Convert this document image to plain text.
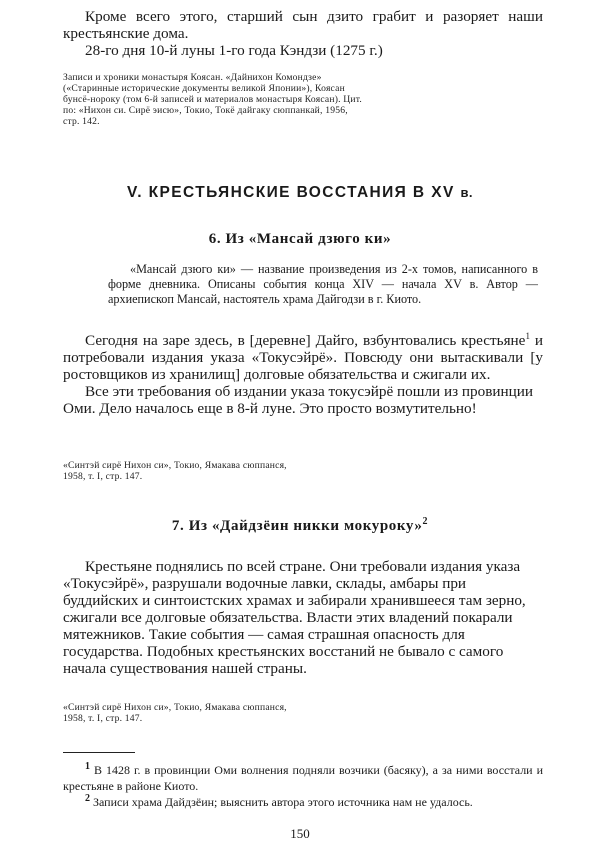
Кроме всего этого, старший сын дзито грабит и разоряет наши крестьянские дома.

28-го дня 10-й луны 1-го года Кэндзи (1275 г.)

Записи и хроники монастыря Коясан. «Дайнихон Комондзе» («Старинные исторические документы великой Японии»), Коясан бунсё-нороку (том 6-й записей и материалов монастыря Коясан). Цит. по: «Нихон си. Сирё эисю», Токио, Токё дайгаку сюппанкай, 1956, стр. 142.

V. КРЕСТЬЯНСКИЕ ВОССТАНИЯ В XV в.

6. Из «Мансай дзюго ки»

«Мансай дзюго ки» — название произведения из 2-х томов, написанного в форме дневника. Описаны события конца XIV — начала XV в. Автор — архиепископ Мансай, настоятель храма Дайгодзи в г. Киото.

Сегодня на заре здесь, в [деревне] Дайго, взбунтовались крестьяне$^1$ и потребовали издания указа «Токусэйрё». Повсюду они вытаскивали [у ростовщиков из хранилищ] долговые обязательства и сжигали их.

Все эти требования об издании указа токусэйрё пошли из провинции Оми. Дело началось еще в 8-й луне. Это просто возмутительно!

«Синтэй сирё Нихон си», Токио, Ямакава сюппанся, 1958, т. I, стр. 147.

7. Из «Дайдзёин никки мокуроку»$^2$

Крестьяне поднялись по всей стране. Они требовали издания указа «Токусэйрё», разрушали водочные лавки, склады, амбары при буддийских и синтоистских храмах и забирали хранившееся там зерно, сжигали все долговые обязательства. Власти этих владений покарали мятежников. Такие события — самая страшная опасность для государства. Подобных крестьянских восстаний не бывало с самого начала существования нашей страны.

«Синтэй сирё Нихон си», Токио, Ямакава сюппанся, 1958, т. I, стр. 147.

$^1$ В 1428 г. в провинции Оми волнения подняли возчики (басяку), а за ними восстали и крестьяне в районе Киото.

$^2$ Записи храма Дайдзёин; выяснить автора этого источника нам не удалось.

150
